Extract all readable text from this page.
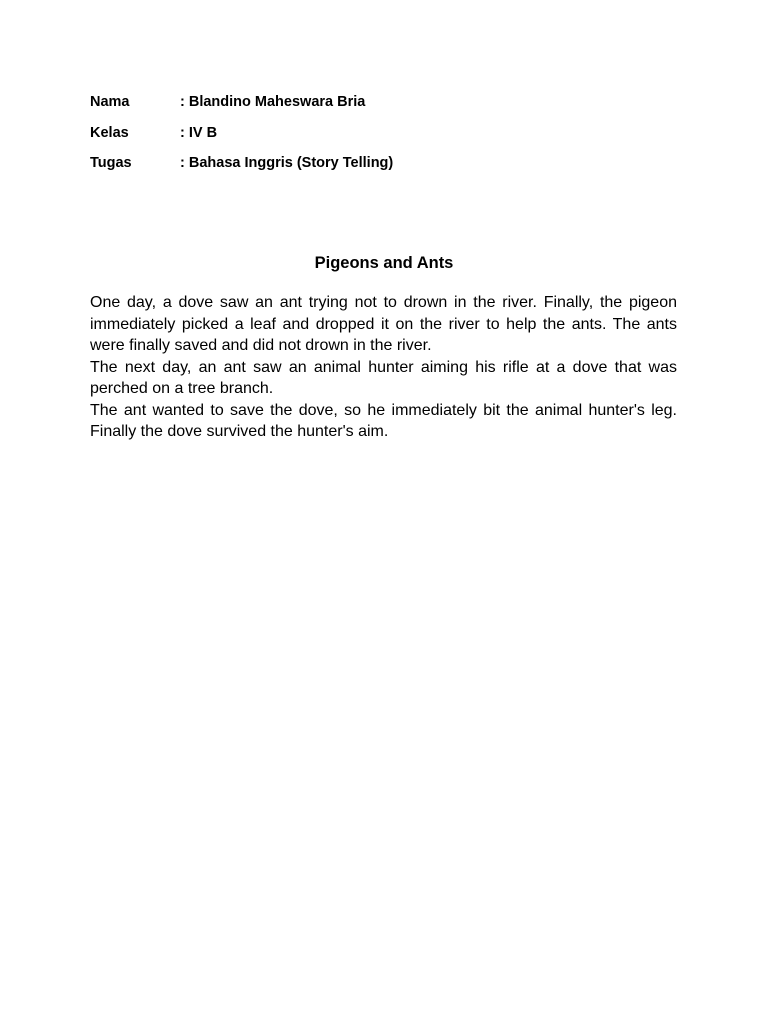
Nama	: Blandino Maheswara Bria
Kelas	: IV B
Tugas	: Bahasa Inggris (Story Telling)
Pigeons and Ants

One day, a dove saw an ant trying not to drown in the river. Finally, the pigeon immediately picked a leaf and dropped it on the river to help the ants. The ants were finally saved and did not drown in the river.

The next day, an ant saw an animal hunter aiming his rifle at a dove that was perched on a tree branch.

The ant wanted to save the dove, so he immediately bit the animal hunter's leg. Finally the dove survived the hunter's aim.
